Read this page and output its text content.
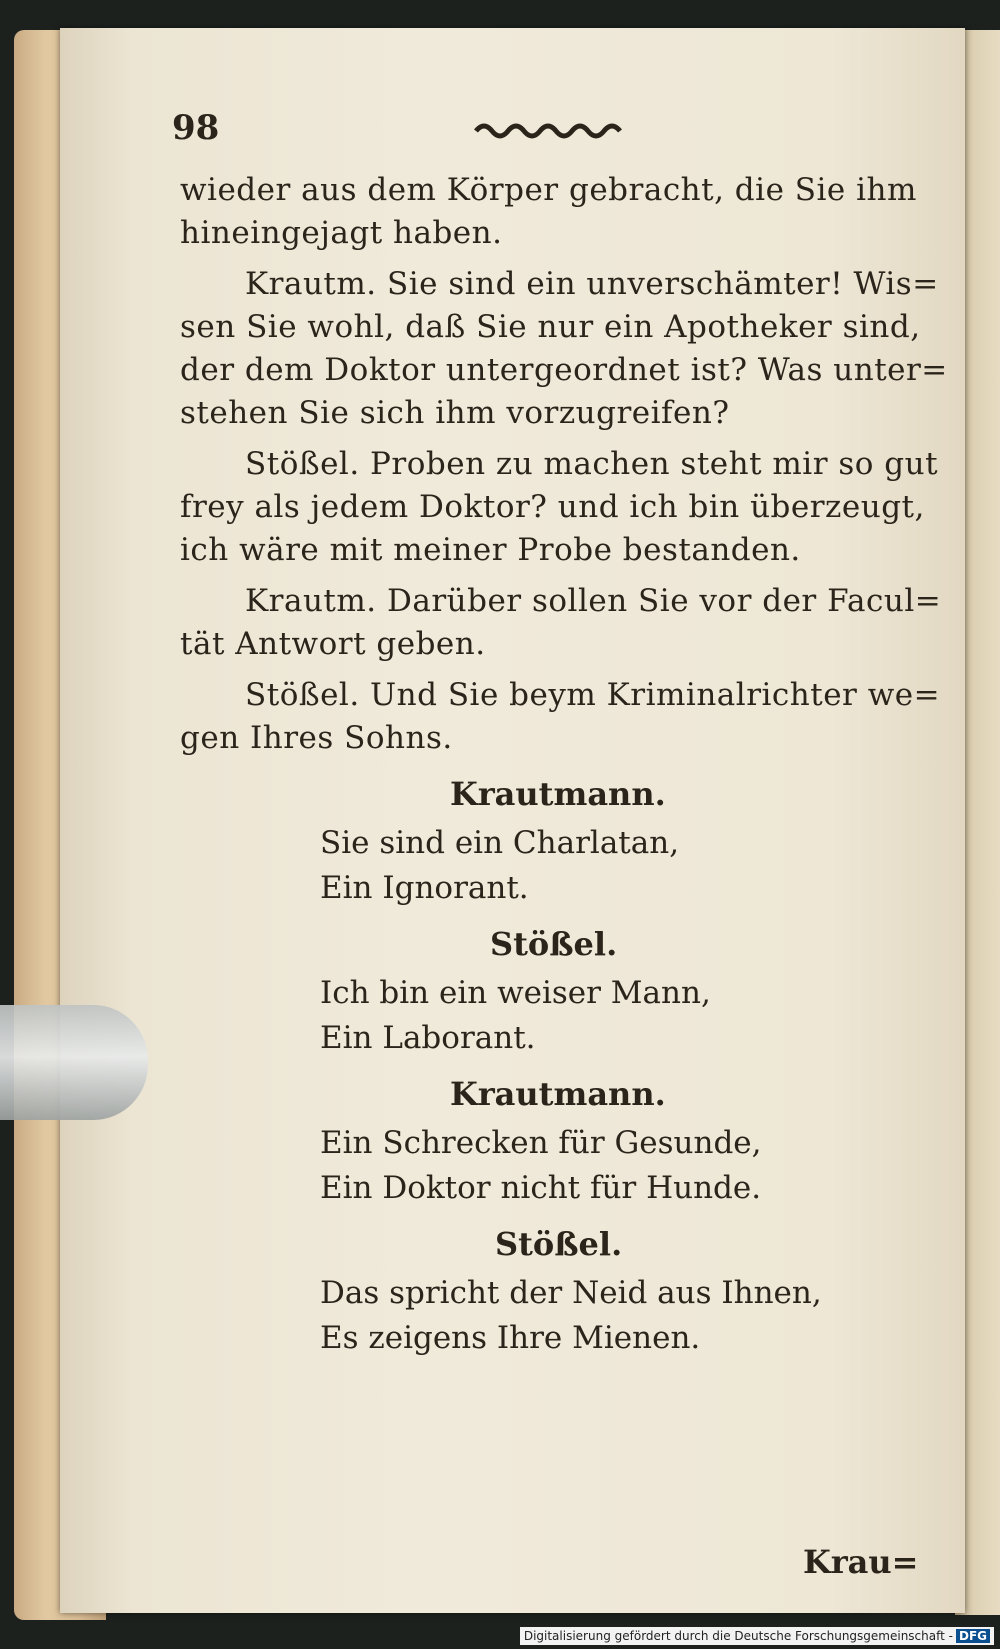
98
wieder aus dem Körper gebracht, die Sie ihm
hineingejagt haben.
Krautm. Sie sind ein unverschämter! Wis=
sen Sie wohl, daß Sie nur ein Apotheker sind,
der dem Doktor untergeordnet ist? Was unter=
stehen Sie sich ihm vorzugreifen?
Stößel. Proben zu machen steht mir so gut
frey als jedem Doktor? und ich bin überzeugt,
ich wäre mit meiner Probe bestanden.
Krautm. Darüber sollen Sie vor der Facul=
tät Antwort geben.
Stößel. Und Sie beym Kriminalrichter we=
gen Ihres Sohns.
Krautmann.
Sie sind ein Charlatan,
Ein Ignorant.
Stößel.
Ich bin ein weiser Mann,
Ein Laborant.
Krautmann.
Ein Schrecken für Gesunde,
Ein Doktor nicht für Hunde.
Stößel.
Das spricht der Neid aus Ihnen,
Es zeigens Ihre Mienen.
Krau=
Digitalisierung gefördert durch die Deutsche Forschungsgemeinschaft - DFG
